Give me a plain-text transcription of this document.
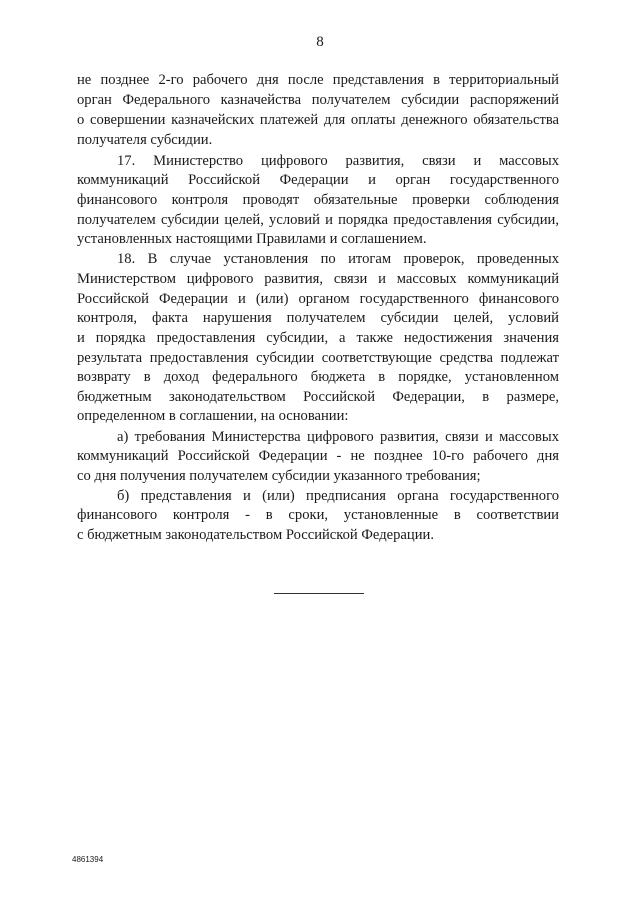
8
не позднее 2-го рабочего дня после представления в территориальный
орган Федерального казначейства получателем субсидии распоряжений
о совершении казначейских платежей для оплаты денежного обязательства
получателя субсидии.
17. Министерство цифрового развития, связи и массовых
коммуникаций Российской Федерации и орган государственного
финансового контроля проводят обязательные проверки соблюдения
получателем субсидии целей, условий и порядка предоставления субсидии,
установленных настоящими Правилами и соглашением.
18. В случае установления по итогам проверок, проведенных
Министерством цифрового развития, связи и массовых коммуникаций
Российской Федерации и (или) органом государственного финансового
контроля, факта нарушения получателем субсидии целей, условий
и порядка предоставления субсидии, а также недостижения значения
результата предоставления субсидии соответствующие средства подлежат
возврату в доход федерального бюджета в порядке, установленном
бюджетным законодательством Российской Федерации, в размере,
определенном в соглашении, на основании:
а) требования Министерства цифрового развития, связи и массовых
коммуникаций Российской Федерации - не позднее 10-го рабочего дня
со дня получения получателем субсидии указанного требования;
б) представления и (или) предписания органа государственного
финансового контроля - в сроки, установленные в соответствии
с бюджетным законодательством Российской Федерации.
4861394
